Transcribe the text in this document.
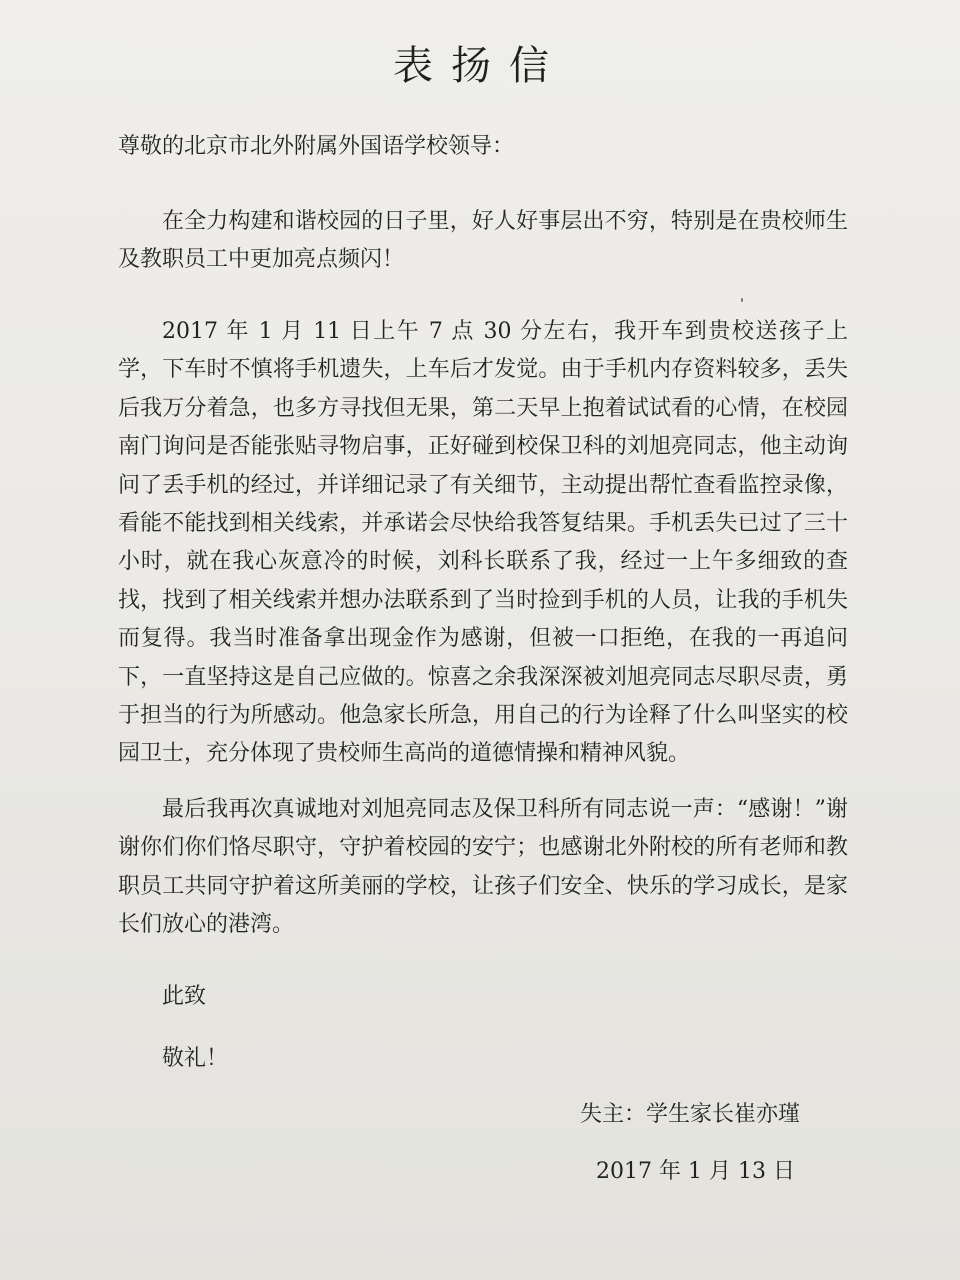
表扬信
尊敬的北京市北外附属外国语学校领导：
在全力构建和谐校园的日子里，好人好事层出不穷，特别是在贵校师生及教职员工中更加亮点频闪！
2017 年 1 月 11 日上午 7 点 30 分左右，我开车到贵校送孩子上学，下车时不慎将手机遗失，上车后才发觉。由于手机内存资料较多，丢失后我万分着急，也多方寻找但无果，第二天早上抱着试试看的心情，在校园南门询问是否能张贴寻物启事，正好碰到校保卫科的刘旭亮同志，他主动询问了丢手机的经过，并详细记录了有关细节，主动提出帮忙查看监控录像，看能不能找到相关线索，并承诺会尽快给我答复结果。手机丢失已过了三十小时，就在我心灰意冷的时候，刘科长联系了我，经过一上午多细致的查找，找到了相关线索并想办法联系到了当时捡到手机的人员，让我的手机失而复得。我当时准备拿出现金作为感谢，但被一口拒绝，在我的一再追问下，一直坚持这是自己应做的。惊喜之余我深深被刘旭亮同志尽职尽责，勇于担当的行为所感动。他急家长所急，用自己的行为诠释了什么叫坚实的校园卫士，充分体现了贵校师生高尚的道德情操和精神风貌。
最后我再次真诚地对刘旭亮同志及保卫科所有同志说一声：“感谢！”谢谢你们你们恪尽职守，守护着校园的安宁；也感谢北外附校的所有老师和教职员工共同守护着这所美丽的学校，让孩子们安全、快乐的学习成长，是家长们放心的港湾。
此致
敬礼！
失主：学生家长崔亦瑾
2017 年 1 月 13 日
